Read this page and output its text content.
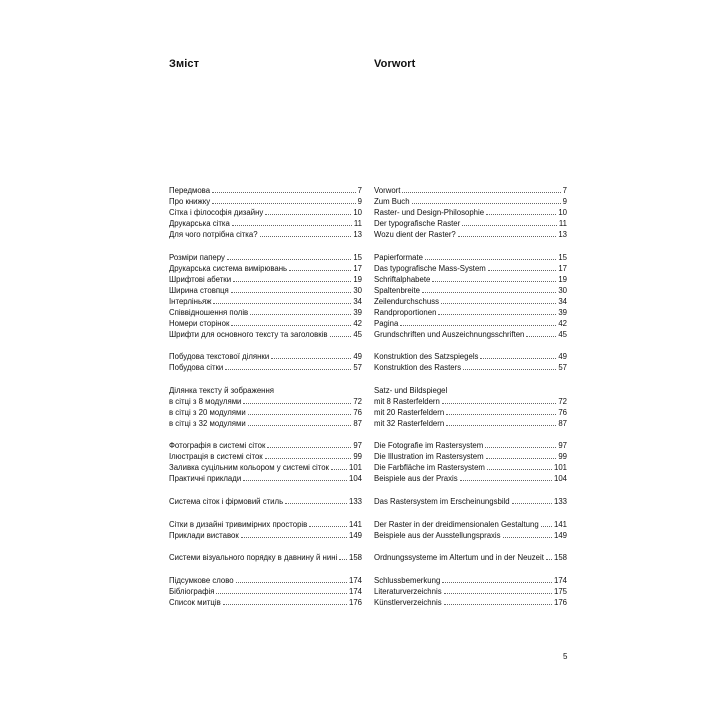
Зміст	Vorwort
Передмова	7
Про книжку	9
Сітка і філософія дизайну	10
Друкарська сітка	11
Для чого потрібна сітка?	13
Розміри паперу	15
Друкарська система вимірювань	17
Шрифтові абетки	19
Ширина стовпця	30
Інтерліньяж	34
Співвідношення полів	39
Номери сторінок	42
Шрифти для основного тексту та заголовків	45
Побудова текстової ділянки	49
Побудова сітки	57
Ділянка тексту й зображення
в сітці з 8 модулями	72
в сітці з 20 модулями	76
в сітці з 32 модулями	87
Фотографія в системі сіток	97
Ілюстрація в системі сіток	99
Заливка суцільним кольором у системі сіток	101
Практичні приклади	104
Система сіток і фірмовий стиль	133
Сітки в дизайні тривимірних просторів	141
Приклади виставок	149
Системи візуального порядку в давнину й нині 158
Підсумкове слово	174
Бібліографія	174
Список митців	176
Vorwort	7
Zum Buch	9
Raster- und Design-Philosophie	10
Der typografische Raster	11
Wozu dient der Raster?	13
Papierformate	15
Das typografische Mass-System	17
Schriftalphabete	19
Spaltenbreite	30
Zeilendurchschuss	34
Randproportionen	39
Pagina	42
Grundschriften und Auszeichnungsschriften	45
Konstruktion des Satzspiegels	49
Konstruktion des Rasters	57
Satz- und Bildspiegel
mit 8 Rasterfeldern	72
mit 20 Rasterfeldern	76
mit 32 Rasterfeldern	87
Die Fotografie im Rastersystem	97
Die Illustration im Rastersystem	99
Die Farbfläche im Rastersystem	101
Beispiele aus der Praxis	104
Das Rastersystem im Erscheinungsbild	133
Der Raster in der dreidimensionalen Gestaltung 141
Beispiele aus der Ausstellungspraxis	149
Ordnungssysteme im Altertum und in der Neuzeit 158
Schlussbemerkung	174
Literaturverzeichnis	175
Künstlerverzeichnis	176
5
